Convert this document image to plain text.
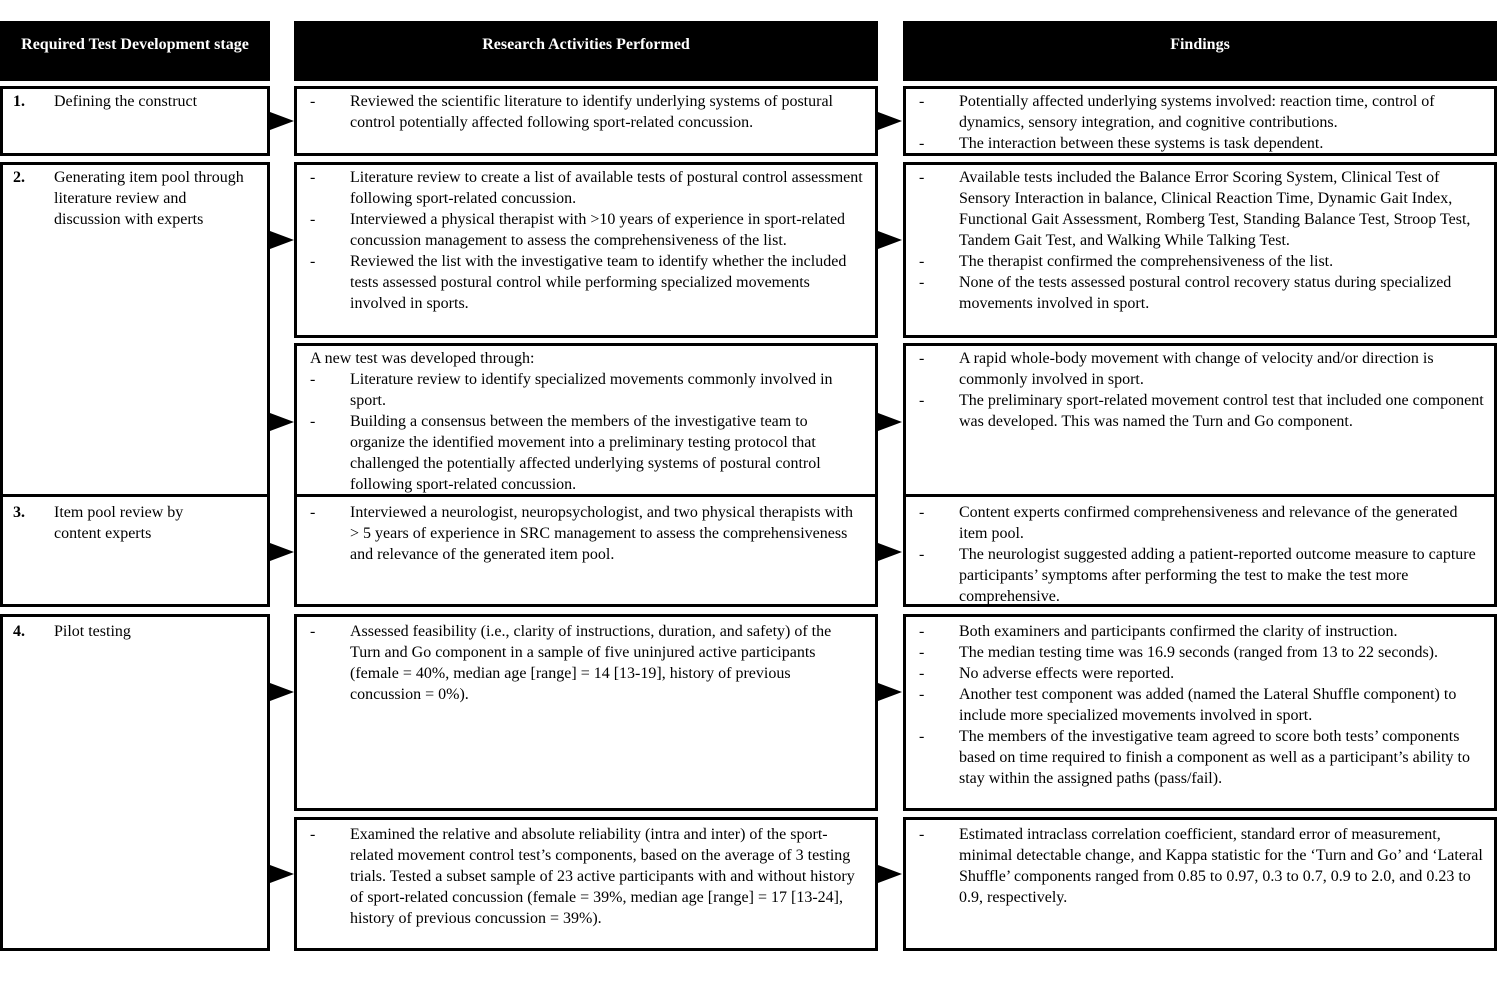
Required Test Development stage	Research Activities Performed	Findings
1. Defining the construct
2. Generating item pool through literature review and discussion with experts
3. Item pool review by content experts
4. Pilot testing
- Reviewed the scientific literature to identify underlying systems of postural control potentially affected following sport-related concussion.
- Literature review to create a list of available tests of postural control assessment following sport-related concussion.
- Interviewed a physical therapist with >10 years of experience in sport-related concussion management to assess the comprehensiveness of the list.
- Reviewed the list with the investigative team to identify whether the included tests assessed postural control while performing specialized movements involved in sports.
A new test was developed through:
- Literature review to identify specialized movements commonly involved in sport.
- Building a consensus between the members of the investigative team to organize the identified movement into a preliminary testing protocol that challenged the potentially affected underlying systems of postural control following sport-related concussion.
- Interviewed a neurologist, neuropsychologist, and two physical therapists with > 5 years of experience in SRC management to assess the comprehensiveness and relevance of the generated item pool.
- Assessed feasibility (i.e., clarity of instructions, duration, and safety) of the Turn and Go component in a sample of five uninjured active participants (female = 40%, median age [range] = 14 [13-19], history of previous concussion = 0%).
- Examined the relative and absolute reliability (intra and inter) of the sport-related movement control test’s components, based on the average of 3 testing trials. Tested a subset sample of 23 active participants with and without history of sport-related concussion (female = 39%, median age [range] = 17 [13-24], history of previous concussion = 39%).
- Potentially affected underlying systems involved: reaction time, control of dynamics, sensory integration, and cognitive contributions.
- The interaction between these systems is task dependent.
- Available tests included the Balance Error Scoring System, Clinical Test of Sensory Interaction in balance, Clinical Reaction Time, Dynamic Gait Index, Functional Gait Assessment, Romberg Test, Standing Balance Test, Stroop Test, Tandem Gait Test, and Walking While Talking Test.
- The therapist confirmed the comprehensiveness of the list.
- None of the tests assessed postural control recovery status during specialized movements involved in sport.
- A rapid whole-body movement with change of velocity and/or direction is commonly involved in sport.
- The preliminary sport-related movement control test that included one component was developed. This was named the Turn and Go component.
- Content experts confirmed comprehensiveness and relevance of the generated item pool.
- The neurologist suggested adding a patient-reported outcome measure to capture participants’ symptoms after performing the test to make the test more comprehensive.
- Both examiners and participants confirmed the clarity of instruction.
- The median testing time was 16.9 seconds (ranged from 13 to 22 seconds).
- No adverse effects were reported.
- Another test component was added (named the Lateral Shuffle component) to include more specialized movements involved in sport.
- The members of the investigative team agreed to score both tests’ components based on time required to finish a component as well as a participant’s ability to stay within the assigned paths (pass/fail).
- Estimated intraclass correlation coefficient, standard error of measurement, minimal detectable change, and Kappa statistic for the ‘Turn and Go’ and ‘Lateral Shuffle’ components ranged from 0.85 to 0.97, 0.3 to 0.7, 0.9 to 2.0, and 0.23 to 0.9, respectively.
